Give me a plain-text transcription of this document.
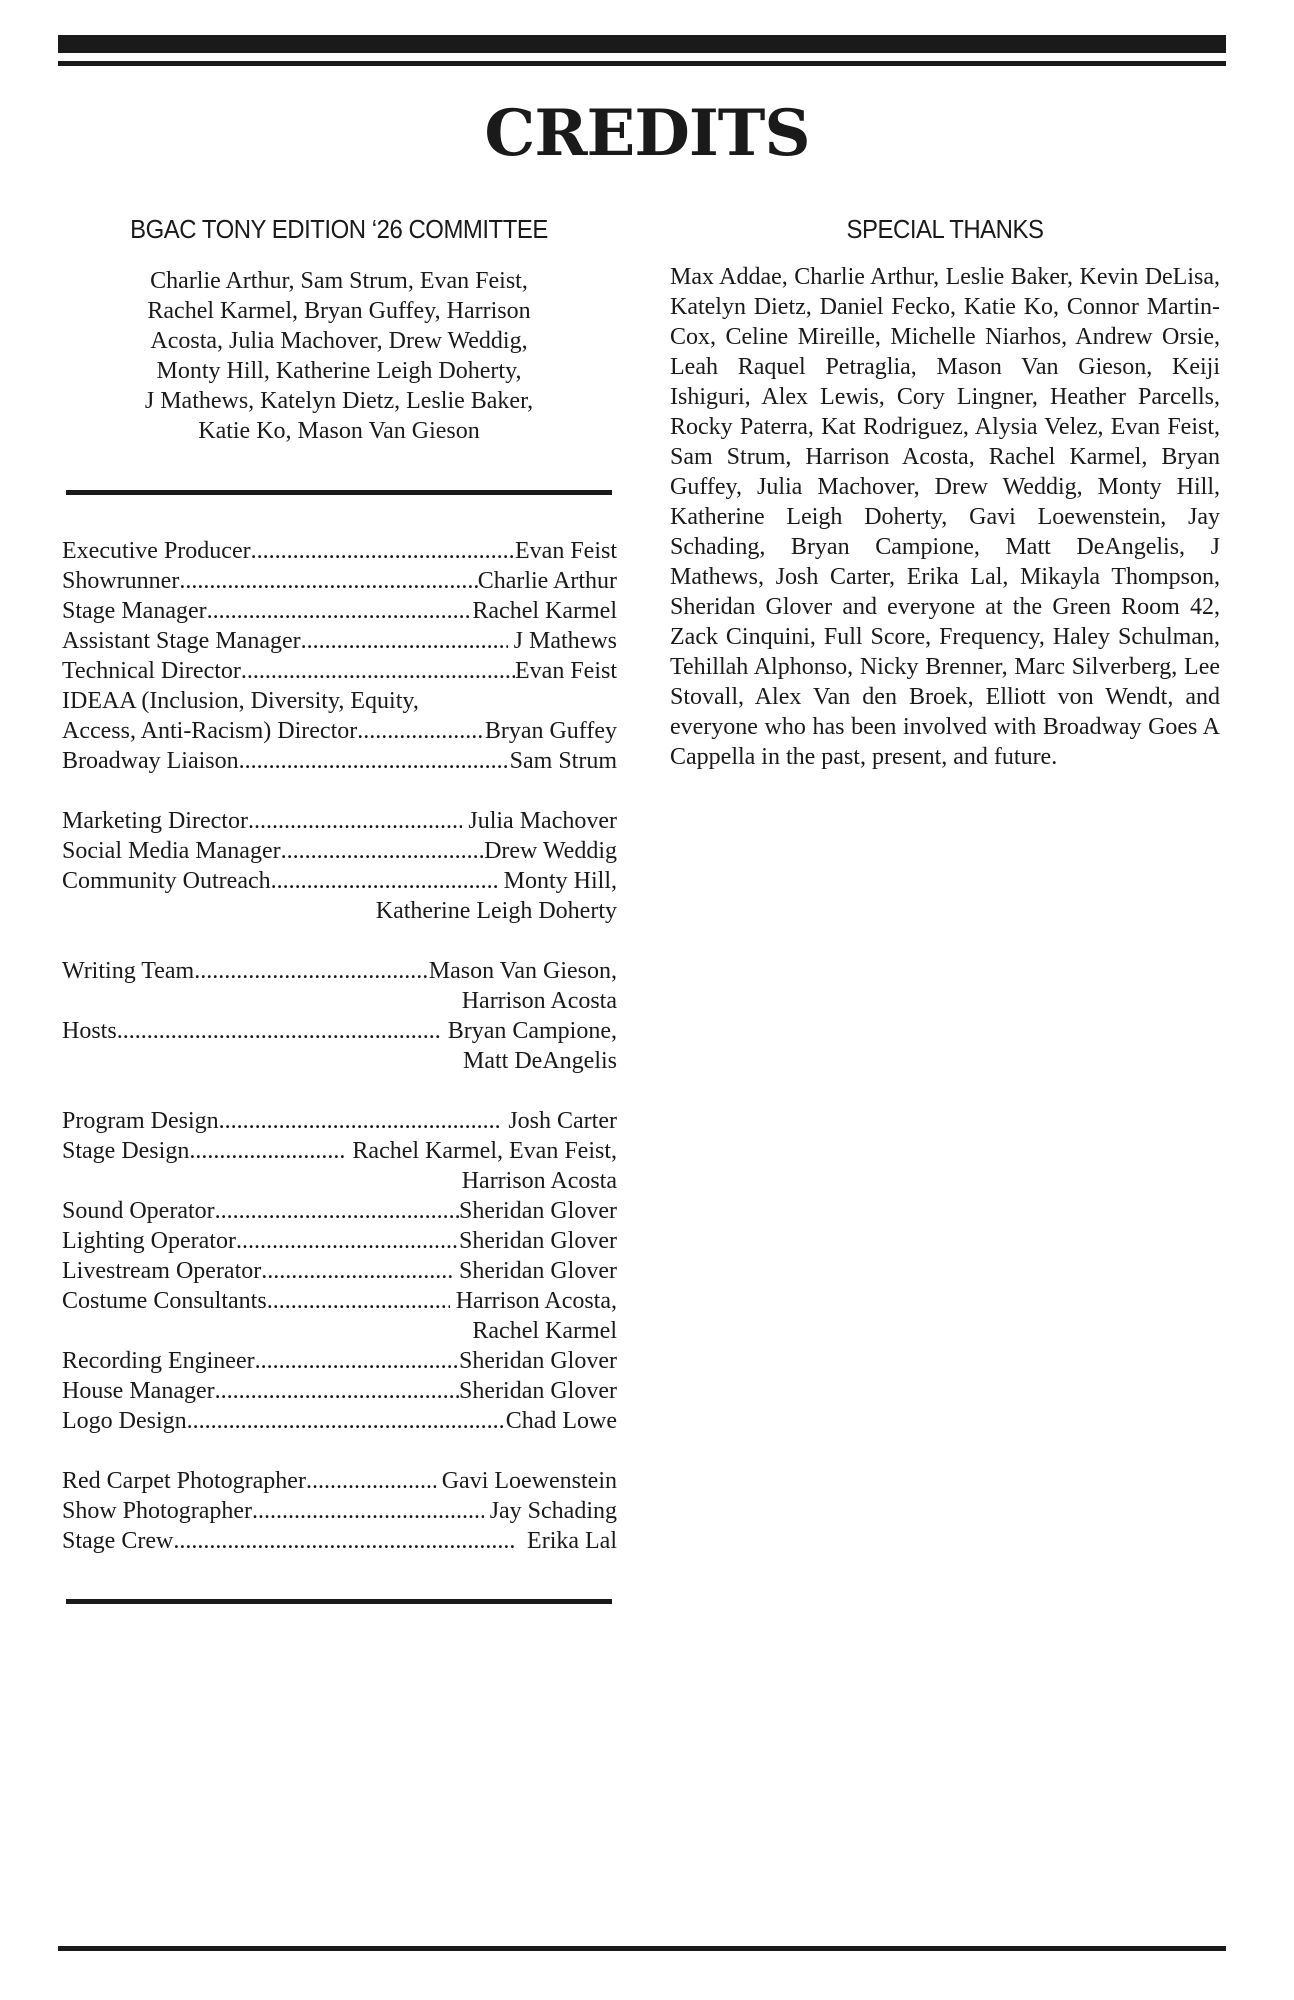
CREDITS
BGAC TONY EDITION ‘26 COMMITTEE	SPECIAL THANKS
Charlie Arthur, Sam Strum, Evan Feist,
Rachel Karmel, Bryan Guffey, Harrison
Acosta, Julia Machover, Drew Weddig,
Monty Hill, Katherine Leigh Doherty,
J Mathews, Katelyn Dietz, Leslie Baker,
Katie Ko, Mason Van Gieson
Executive Producer .....	Evan Feist
Showrunner .....	Charlie Arthur
Stage Manager .....	Rachel Karmel
Assistant Stage Manager .....	J Mathews
Technical Director .....	Evan Feist
IDEAA (Inclusion, Diversity, Equity,
Access, Anti-Racism) Director .....	Bryan Guffey
Broadway Liaison .....	Sam Strum
Marketing Director .....	Julia Machover
Social Media Manager .....	Drew Weddig
Community Outreach .....	Monty Hill,
Katherine Leigh Doherty
Writing Team .....	Mason Van Gieson,
Harrison Acosta
Hosts .....	Bryan Campione,
Matt DeAngelis
Program Design .....	Josh Carter
Stage Design .....	Rachel Karmel, Evan Feist,
Harrison Acosta
Sound Operator .....	Sheridan Glover
Lighting Operator .....	Sheridan Glover
Livestream Operator .....	Sheridan Glover
Costume Consultants .....	Harrison Acosta,
Rachel Karmel
Recording Engineer .....	Sheridan Glover
House Manager .....	Sheridan Glover
Logo Design .....	Chad Lowe
Red Carpet Photographer .....	Gavi Loewenstein
Show Photographer .....	Jay Schading
Stage Crew .....	Erika Lal
Max Addae, Charlie Arthur, Leslie Baker, Kevin DeLisa, Katelyn Dietz, Daniel Fecko, Katie Ko, Connor Martin-Cox, Celine Mireille, Michelle Niarhos, Andrew Orsie, Leah Raquel Petraglia, Mason Van Gieson, Keiji Ishiguri, Alex Lewis, Cory Lingner, Heather Parcells, Rocky Paterra, Kat Rodriguez, Alysia Velez, Evan Feist, Sam Strum, Harrison Acosta, Rachel Karmel, Bryan Guffey, Julia Machover, Drew Weddig, Monty Hill, Katherine Leigh Doherty, Gavi Loewenstein, Jay Schading, Bryan Campione, Matt DeAngelis, J Mathews, Josh Carter, Erika Lal, Mikayla Thompson, Sheridan Glover and everyone at the Green Room 42, Zack Cinquini, Full Score, Frequency, Haley Schulman, Tehillah Alphonso, Nicky Brenner, Marc Silverberg, Lee Stovall, Alex Van den Broek, Elliott von Wendt, and everyone who has been involved with Broadway Goes A Cappella in the past, present, and future.
